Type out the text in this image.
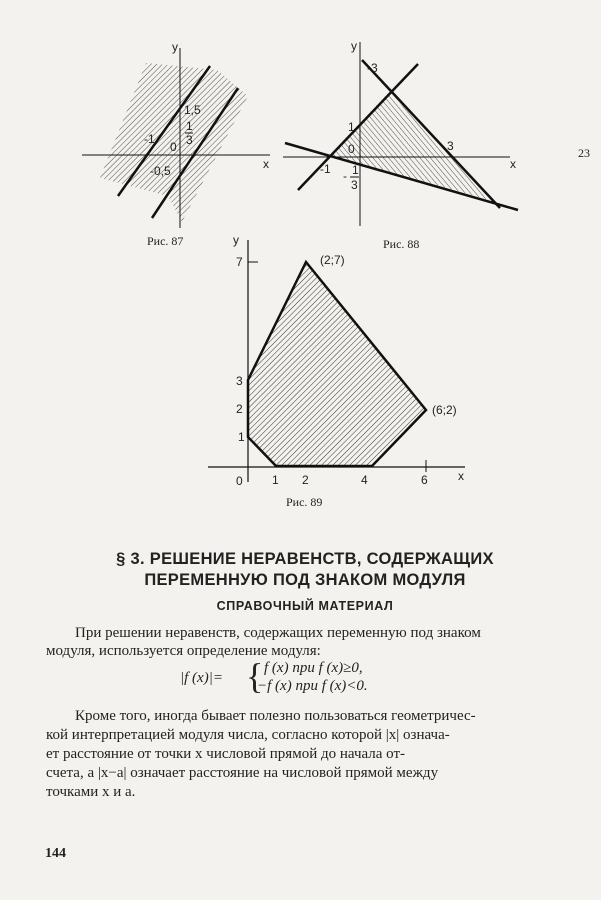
y
x
1,5
1
3
0
-1
-0,5
Рис. 87
y
x
-3
1
0	3
-1 - 1
3
Рис. 88
y
x
7
3
2
1
0 1 2	4	6
(2;7)
(6;2)
Рис. 89
23
§ 3. РЕШЕНИЕ НЕРАВЕНСТВ, СОДЕРЖАЩИХ
ПЕРЕМЕННУЮ ПОД ЗНАКОМ МОДУЛЯ
СПРАВОЧНЫЙ МАТЕРИАЛ
При решении неравенств, содержащих переменную под знаком
модуля, используется определение модуля:
|f (x)|= { f (x) при f (x)≥0,
−f (x) при f (x)<0.
Кроме того, иногда бывает полезно пользоваться геометричес-
кой интерпретацией модуля числа, согласно которой |x| означа-
ет расстояние от точки x числовой прямой до начала от-
счета, а |x−a| означает расстояние на числовой прямой между
точками x и a.
144
